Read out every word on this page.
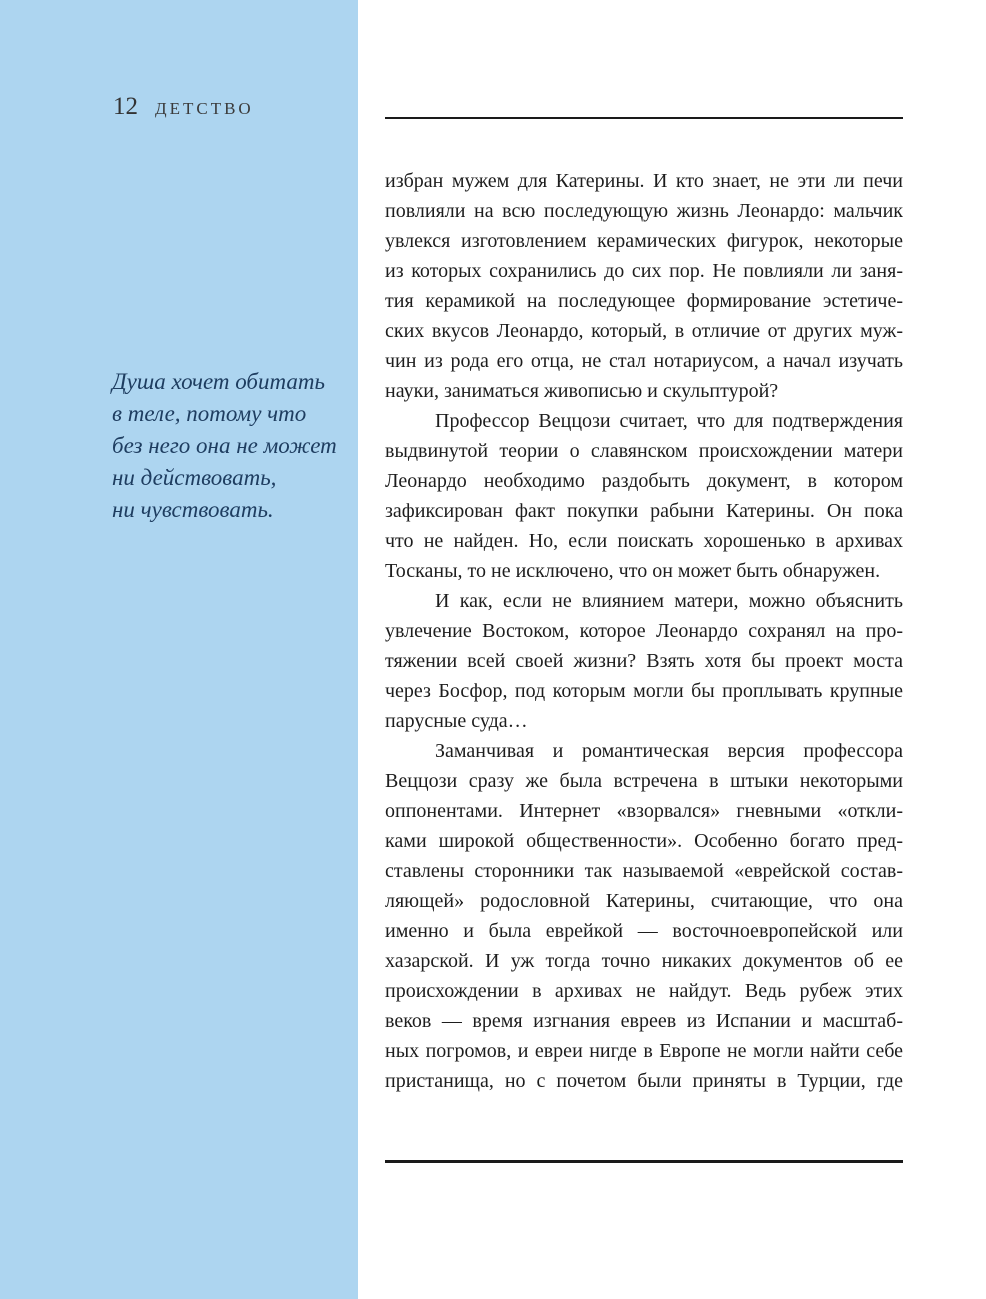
12 ДЕТСТВО
Душа хочет обитать
в теле, потому что
без него она не может
ни действовать,
ни чувствовать.
избран мужем для Катерины. И кто знает, не эти ли печи
повлияли на всю последующую жизнь Леонардо: мальчик
увлекся изготовлением керамических фигурок, некоторые
из которых сохранились до сих пор. Не повлияли ли заня-
тия керамикой на последующее формирование эстетиче-
ских вкусов Леонардо, который, в отличие от других муж-
чин из рода его отца, не стал нотариусом, а начал изучать
науки, заниматься живописью и скульптурой?
Профессор Веццози считает, что для подтверждения
выдвинутой теории о славянском происхождении матери
Леонардо необходимо раздобыть документ, в котором
зафиксирован факт покупки рабыни Катерины. Он пока
что не найден. Но, если поискать хорошенько в архивах
Тосканы, то не исключено, что он может быть обнаружен.
И как, если не влиянием матери, можно объяснить
увлечение Востоком, которое Леонардо сохранял на про-
тяжении всей своей жизни? Взять хотя бы проект моста
через Босфор, под которым могли бы проплывать крупные
парусные суда…
Заманчивая и романтическая версия профессора
Веццози сразу же была встречена в штыки некоторыми
оппонентами. Интернет «взорвался» гневными «откли-
ками широкой общественности». Особенно богато пред-
ставлены сторонники так называемой «еврейской состав-
ляющей» родословной Катерины, считающие, что она
именно и была еврейкой — восточноевропейской или
хазарской. И уж тогда точно никаких документов об ее
происхождении в архивах не найдут. Ведь рубеж этих
веков — время изгнания евреев из Испании и масштаб-
ных погромов, и евреи нигде в Европе не могли найти себе
пристанища, но с почетом были приняты в Турции, где
